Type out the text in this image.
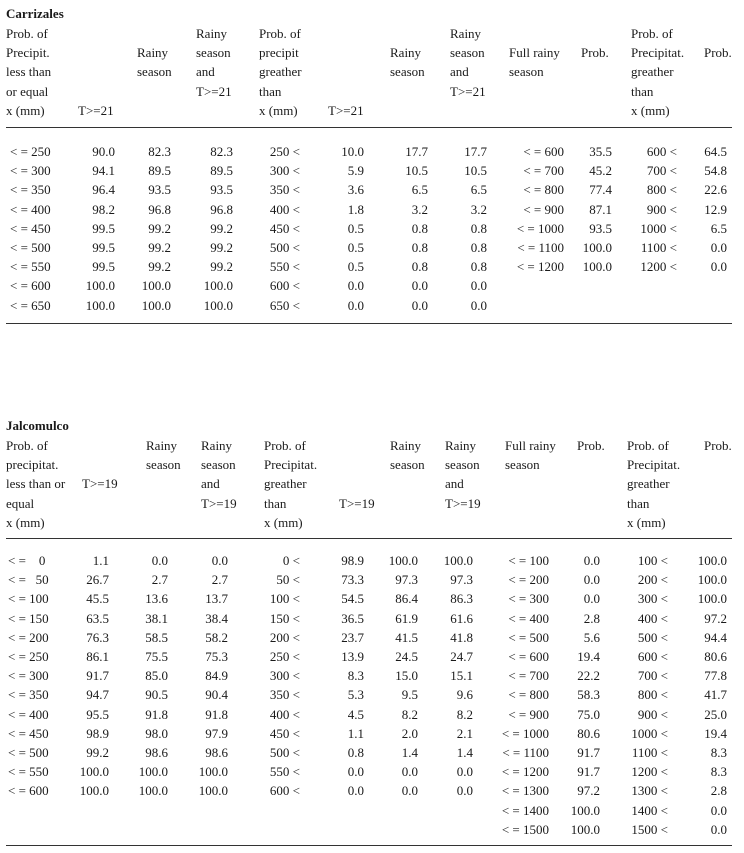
Carrizales
Prob. of
Precipit.
less than
or equal
x (mm)	T>=21
Rainy
season
Rainy
season
and
T>=21
Prob. of
precipit
greather
than
x (mm)	T>=21
Rainy
season
Rainy
season
and
T>=21
Full rainy
season
Prob.
Prob. of
Precipitat.
greather
than
x (mm)
Prob.
< = 250	90.0	82.3	82.3	250 <	10.0	17.7	17.7	< = 600 35.5	600 < 64.5
< = 300	94.1	89.5	89.5	300 <	5.9	10.5	10.5	< = 700 45.2	700 < 54.8
< = 350	96.4	93.5	93.5	350 <	3.6	6.5	6.5	< = 800 77.4	800 < 22.6
< = 400	98.2	96.8	96.8	400 <	1.8	3.2	3.2	< = 900 87.1	900 < 12.9
< = 450	99.5	99.2	99.2	450 <	0.5	0.8	0.8 < = 1000 93.5 1000 <	6.5
< = 500	99.5	99.2	99.2	500 <	0.5	0.8	0.8 < = 1100 100.0 1100 <	0.0
< = 550	99.5	99.2	99.2	550 <	0.5	0.8	0.8 < = 1200 100.0 1200 <	0.0
< = 600	100.0 100.0	100.0	600 <	0.0	0.0	0.0
< = 650	100.0 100.0	100.0	650 <	0.0	0.0	0.0
Jalcomulco
Prob. of
precipitat.
less than or
equal
x (mm)
T>=19
Rainy
season
Rainy
season
and
T>=19
Prob. of
Precipitat.
greather
than
x (mm)
T>=19
Rainy
season
Rainy
season
and
T>=19
Full rainy
season
Prob. Prob. of
Precipitat.
greather
than
x (mm)
Prob.
< =    0	1.1	0.0	0.0	0 <	98.9 100.0 100.0	< = 100	0.0	100 < 100.0
< =   50	26.7	2.7	2.7	50 <	73.3 97.3 97.3	< = 200	0.0	200 < 100.0
< = 100	45.5	13.6	13.7	100 <	54.5 86.4 86.3	< = 300	0.0	300 < 100.0
< = 150	63.5	38.1	38.4	150 <	36.5 61.9 61.6	< = 400	2.8	400 <	97.2
< = 200	76.3	58.5	58.2	200 <	23.7 41.5 41.8	< = 500	5.6	500 <	94.4
< = 250	86.1	75.5	75.3	250 <	13.9 24.5 24.7	< = 600 19.4	600 <	80.6
< = 300	91.7	85.0	84.9	300 <	8.3 15.0 15.1	< = 700 22.2	700 <	77.8
< = 350	94.7	90.5	90.4	350 <	5.3	9.5	9.6	< = 800 58.3	800 <	41.7
< = 400	95.5	91.8	91.8	400 <	4.5	8.2	8.2	< = 900 75.0	900 <	25.0
< = 450	98.9	98.0	97.9	450 <	1.1	2.0	2.1 < = 1000 80.6 1000 <	19.4
< = 500	99.2	98.6	98.6	500 <	0.8	1.4	1.4 < = 1100 91.7 1100 <	8.3
< = 550 100.0 100.0 100.0	550 <	0.0	0.0	0.0 < = 1200 91.7 1200 <	8.3
< = 600 100.0 100.0 100.0	600 <	0.0	0.0	0.0 < = 1300 97.2 1300 <	2.8
< = 1400 100.0 1400 <	0.0
< = 1500 100.0 1500 <	0.0
